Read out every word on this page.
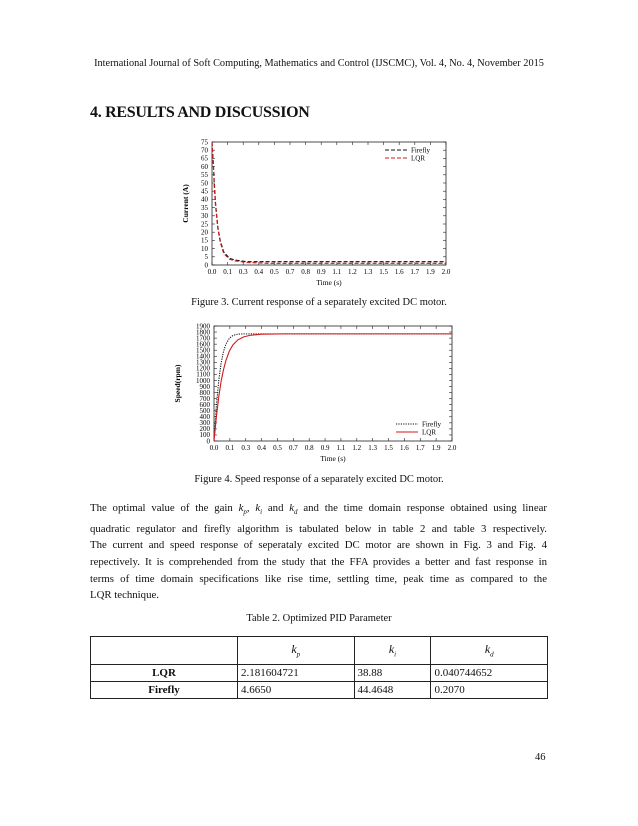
International Journal of Soft Computing, Mathematics and Control (IJSCMC), Vol. 4, No. 4, November 2015
4. RESULTS AND DISCUSSION
0.0 0.1 0.3 0.4 0.5 0.7 0.8 0.9 1.1 1.2 1.3 1.5 1.6 1.7 1.9 2.0
0
5
10
15
20
25
30
35
40
45
50
55
60
65
70
75
Time (s)
Current (A)
Firefly
LQR
Figure 3. Current response of a separately excited DC motor.
0.0 0.1 0.3 0.4 0.5 0.7 0.8 0.9 1.1 1.2 1.3 1.5 1.6 1.7 1.9 2.0
0
100
200
300
400
500
600
700
800
900
1000
1100
1200
1300
1400
1500
1600
1700
1800
1900
Time (s)
Speed(rpm)
Firefly
LQR
Figure 4. Speed response of a separately excited DC motor.
The optimal value of the gain $k_p$, $k_i$ and $k_d$ and the time domain response obtained using linear
quadratic regulator and firefly algorithm is tabulated below in table 2 and table 3 respectively.
The current and speed response of seperataly excited DC motor are shown in Fig. 3 and Fig. 4
repectively. It is comprehended from the study that the FFA provides a better and fast response in
terms of time domain specifications like rise time, settling time, peak time as compared to the
LQR technique.
Table 2. Optimized PID Parameter
	$k_p$	$k_i$	$k_d$
LQR	2.181604721	38.88	0.040744652
Firefly	4.6650	44.4648	0.2070
46
